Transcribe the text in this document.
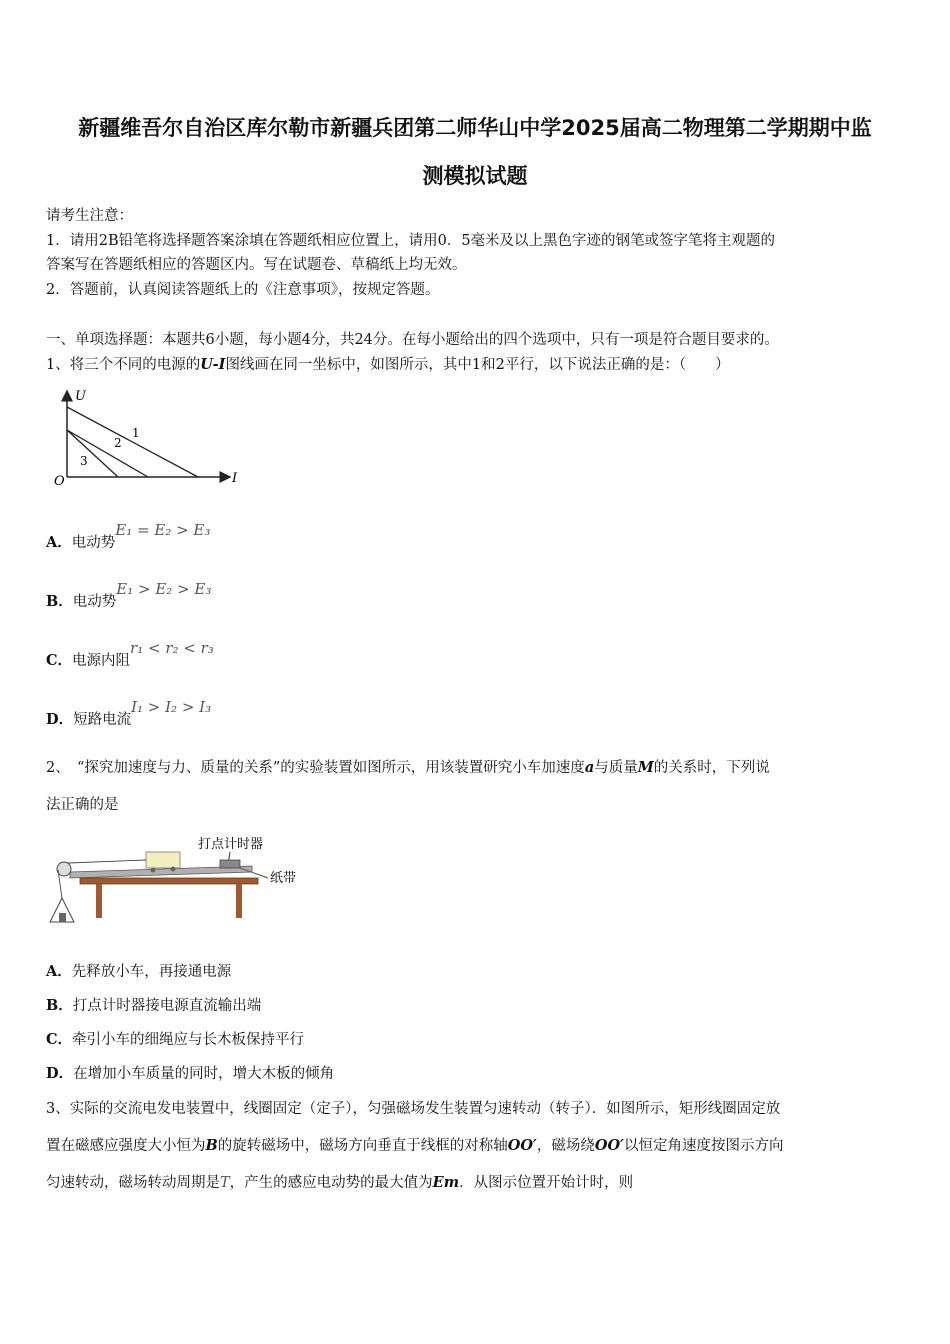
新疆维吾尔自治区库尔勒市新疆兵团第二师华山中学2025届高二物理第二学期期中监
测模拟试题
请考生注意：
1．请用2B铅笔将选择题答案涂填在答题纸相应位置上，请用0．5毫米及以上黑色字迹的钢笔或签字笔将主观题的
答案写在答题纸相应的答题区内。写在试题卷、草稿纸上均无效。
2．答题前，认真阅读答题纸上的《注意事项》，按规定答题。
一、单项选择题：本题共6小题，每小题4分，共24分。在每小题给出的四个选项中，只有一项是符合题目要求的。
1、将三个不同的电源的U-I图线画在同一坐标中，如图所示，其中1和2平行，以下说法正确的是：（　　）
U
I
O
1
2
3
A．电动势E₁ = E₂ > E₃
B．电动势E₁ > E₂ > E₃
C．电源内阻r₁ < r₂ < r₃
D．短路电流I₁ > I₂ > I₃
2、　“探究加速度与力、质量的关系”的实验装置如图所示，用该装置研究小车加速度a与质量M的关系时，下列说
法正确的是
打点计时器
纸带
A．先释放小车，再接通电源
B．打点计时器接电源直流输出端
C．牵引小车的细绳应与长木板保持平行
D．在增加小车质量的同时，增大木板的倾角
3、实际的交流电发电装置中，线圈固定（定子），匀强磁场发生装置匀速转动（转子）．如图所示，矩形线圈固定放
置在磁感应强度大小恒为B的旋转磁场中，磁场方向垂直于线框的对称轴OO′，磁场绕OO′以恒定角速度按图示方向
匀速转动，磁场转动周期是T，产生的感应电动势的最大值为Em．从图示位置开始计时，则
